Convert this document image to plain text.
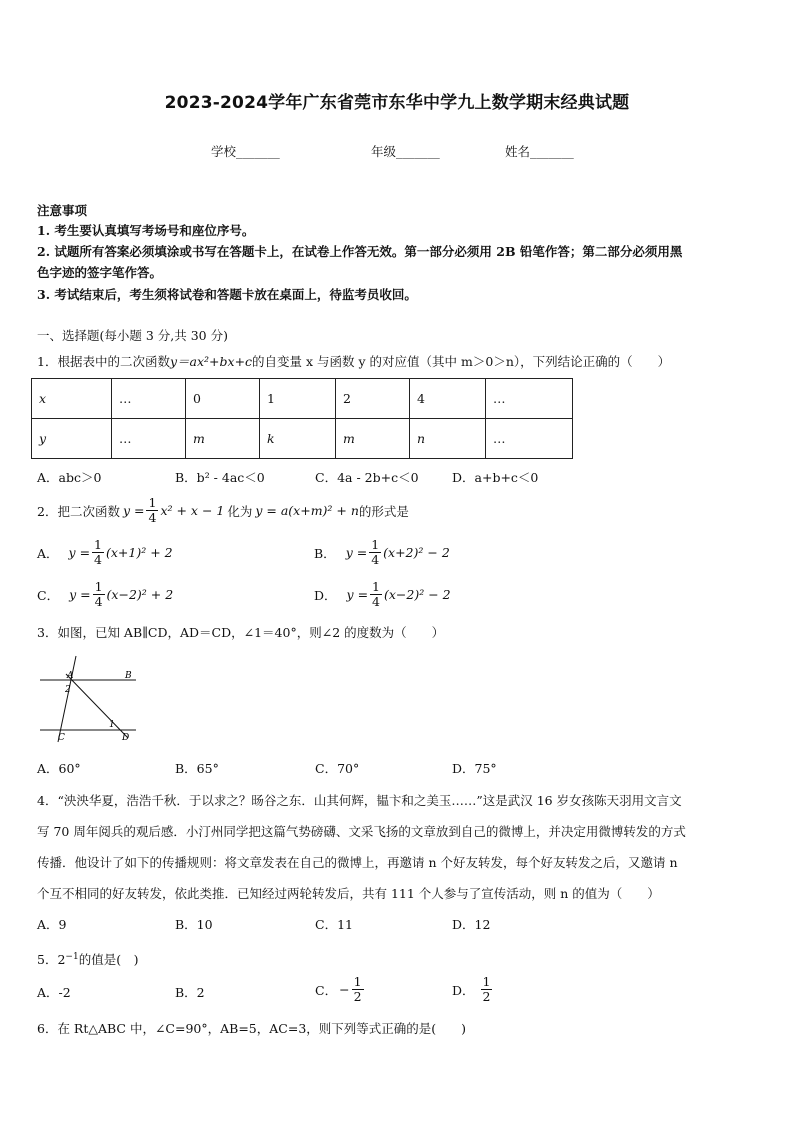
2023-2024学年广东省莞市东华中学九上数学期末经典试题
学校_______	年级_______	姓名_______
注意事项
1. 考生要认真填写考场号和座位序号。
2. 试题所有答案必须填涂或书写在答题卡上，在试卷上作答无效。第一部分必须用 2B 铅笔作答；第二部分必须用黑
色字迹的签字笔作答。
3. 考试结束后，考生须将试卷和答题卡放在桌面上，待监考员收回。
一、选择题(每小题 3 分,共 30 分)
1．根据表中的二次函数y＝ax²+bx+c的自变量 x 与函数 y 的对应值（其中 m＞0＞n），下列结论正确的（　　）
x	…	0	1	2	4	…
y	…	m	k	m	n	…
A．abc＞0	B．b² - 4ac＜0	C．4a - 2b+c＜0	D．a+b+c＜0
2．把二次函数 $y = \frac{1}{4} x^2 + x - 1$ 化为 y = a(x+m)² + n 的形式是
A． $y = \frac{1}{4} (x+1)^2 + 2$	B． $y = \frac{1}{4} (x+2)^2 - 2$
C． $y = \frac{1}{4} (x-2)^2 + 2$	D． $y = \frac{1}{4} (x-2)^2 - 2$
3．如图，已知 AB∥CD，AD＝CD，∠1＝40°，则∠2 的度数为（　　）
A	B
2
1
C	D
A．60°	B．65°	C．70°	D．75°
4．“泱泱华夏，浩浩千秋．于以求之？旸谷之东．山其何辉，韫卞和之美玉……”这是武汉 16 岁女孩陈天羽用文言文
写 70 周年阅兵的观后感．小汀州同学把这篇气势磅礴、文采飞扬的文章放到自己的微博上，并决定用微博转发的方式
传播．他设计了如下的传播规则：将文章发表在自己的微博上，再邀请 n 个好友转发，每个好友转发之后，又邀请 n
个互不相同的好友转发，依此类推．已知经过两轮转发后，共有 111 个人参与了宣传活动，则 n 的值为（　　）
A．9	B．10	C．11	D．12
5．$2^{-1}$的值是(　)
A．-2	B．2	C． − $\frac{1}{2}$	D． $\frac{1}{2}$
6．在 Rt△ABC 中，∠C=90°，AB=5，AC=3，则下列等式正确的是(　　)
